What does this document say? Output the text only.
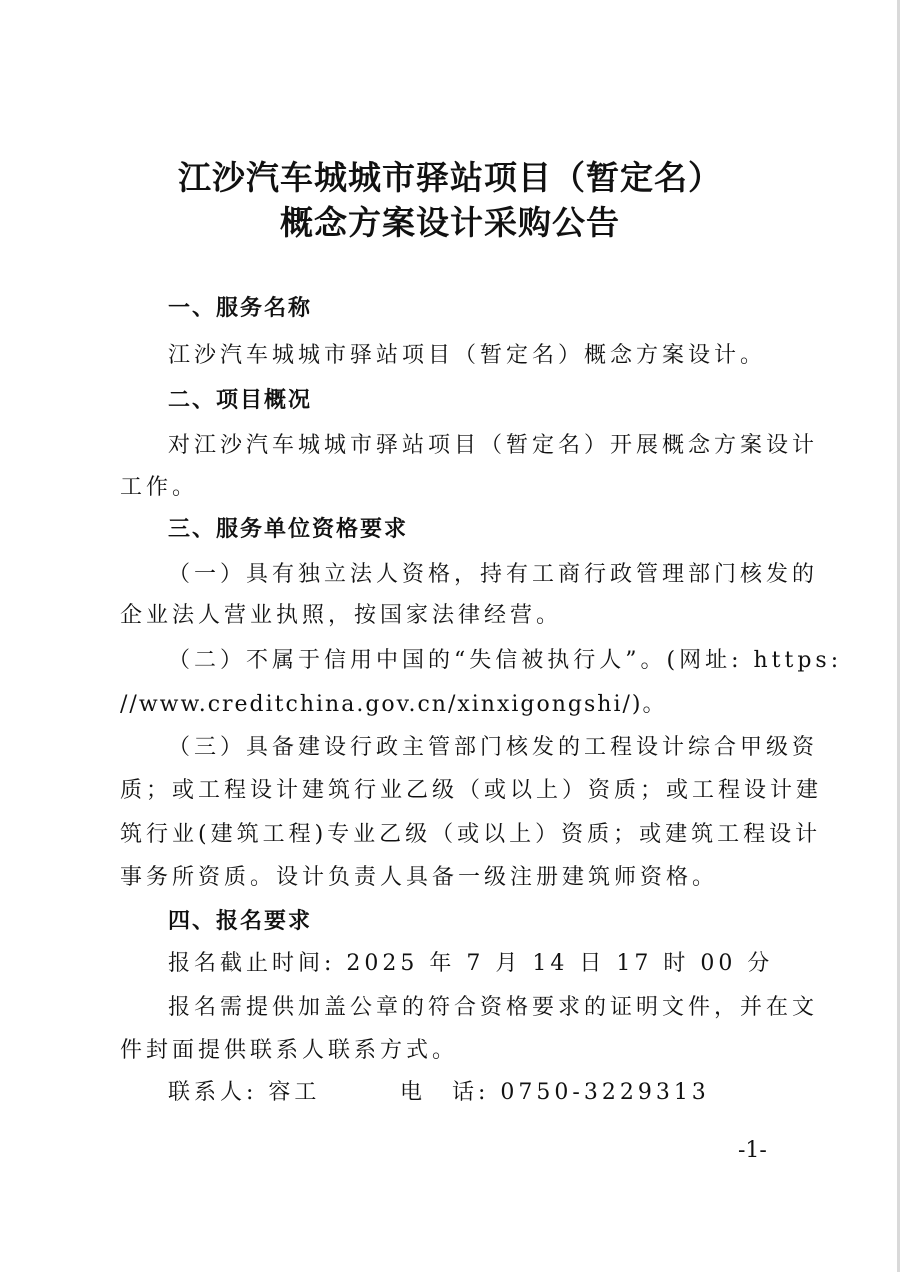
江沙汽车城城市驿站项目（暂定名）
概念方案设计采购公告

一、服务名称

江沙汽车城城市驿站项目（暂定名）概念方案设计。

二、项目概况

对江沙汽车城城市驿站项目（暂定名）开展概念方案设计

工作。

三、服务单位资格要求

（一）具有独立法人资格，持有工商行政管理部门核发的

企业法人营业执照，按国家法律经营。

（二）不属于信用中国的“失信被执行人”。(网址: https:

//www.creditchina.gov.cn/xinxigongshi/)。

（三）具备建设行政主管部门核发的工程设计综合甲级资

质；或工程设计建筑行业乙级（或以上）资质；或工程设计建

筑行业(建筑工程)专业乙级（或以上）资质；或建筑工程设计

事务所资质。设计负责人具备一级注册建筑师资格。

四、报名要求

报名截止时间: 2025 年 7 月 14 日 17 时 00 分

报名需提供加盖公章的符合资格要求的证明文件，并在文

件封面提供联系人联系方式。

联系人: 容工	电　话: 0750-3229313

-1-
